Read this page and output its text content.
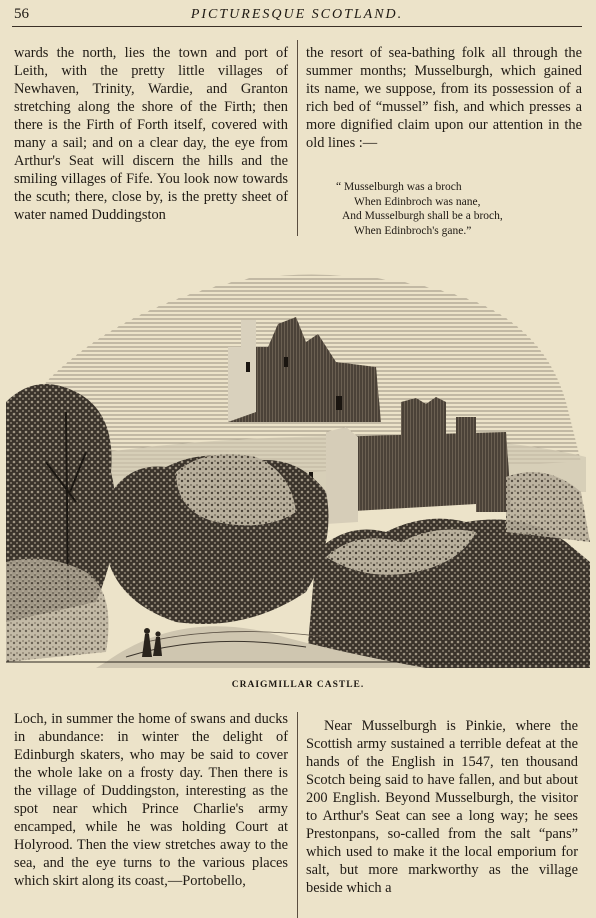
56	PICTURESQUE SCOTLAND.

wards the north, lies the town and port of Leith, with the pretty little villages of Newhaven, Trinity, Wardie, and Granton stretching along the shore of the Firth; then there is the Firth of Forth itself, covered with many a sail; and on a clear day, the eye from Arthur's Seat will discern the hills and the smiling villages of Fife. You look now towards the scuth; there, close by, is the pretty sheet of water named Duddingston

the resort of sea-bathing folk all through the summer months; Musselburgh, which gained its name, we suppose, from its possession of a rich bed of “mussel” fish, and which presses a more dignified claim upon our attention in the old lines :—

“ Musselburgh was a broch
When Edinbroch was nane,
And Musselburgh shall be a broch,
When Edinbroch's gane.”
CRAIGMILLAR CASTLE.

Loch, in summer the home of swans and ducks in abundance: in winter the delight of Edinburgh skaters, who may be said to cover the whole lake on a frosty day. Then there is the village of Duddingston, interesting as the spot near which Prince Charlie's army encamped, while he was holding Court at Holyrood. Then the view stretches away to the sea, and the eye turns to the various places which skirt along its coast,—Portobello,

Near Musselburgh is Pinkie, where the Scottish army sustained a terrible defeat at the hands of the English in 1547, ten thousand Scotch being said to have fallen, and but about 200 English. Beyond Musselburgh, the visitor to Arthur's Seat can see a long way; he sees Prestonpans, so-called from the salt “pans” which used to make it the local emporium for salt, but more markworthy as the village beside which a
